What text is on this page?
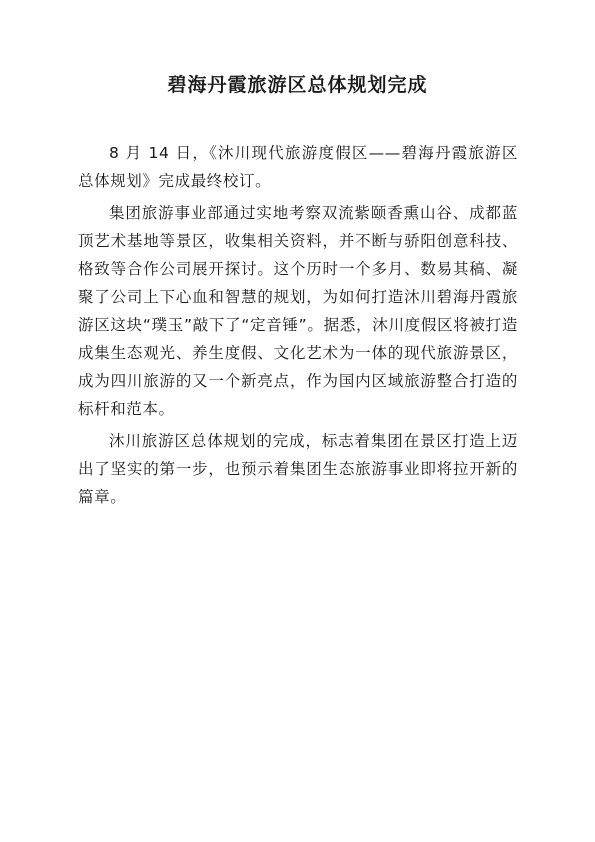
碧海丹霞旅游区总体规划完成

8 月 14 日，《沐川现代旅游度假区——碧海丹霞旅游区总体规划》完成最终校订。

集团旅游事业部通过实地考察双流紫颐香熏山谷、成都蓝顶艺术基地等景区，收集相关资料，并不断与骄阳创意科技、格致等合作公司展开探讨。这个历时一个多月、数易其稿、凝聚了公司上下心血和智慧的规划，为如何打造沐川碧海丹霞旅游区这块“璞玉”敲下了“定音锤”。据悉，沐川度假区将被打造成集生态观光、养生度假、文化艺术为一体的现代旅游景区，成为四川旅游的又一个新亮点，作为国内区域旅游整合打造的标杆和范本。

沐川旅游区总体规划的完成，标志着集团在景区打造上迈出了坚实的第一步，也预示着集团生态旅游事业即将拉开新的篇章。
